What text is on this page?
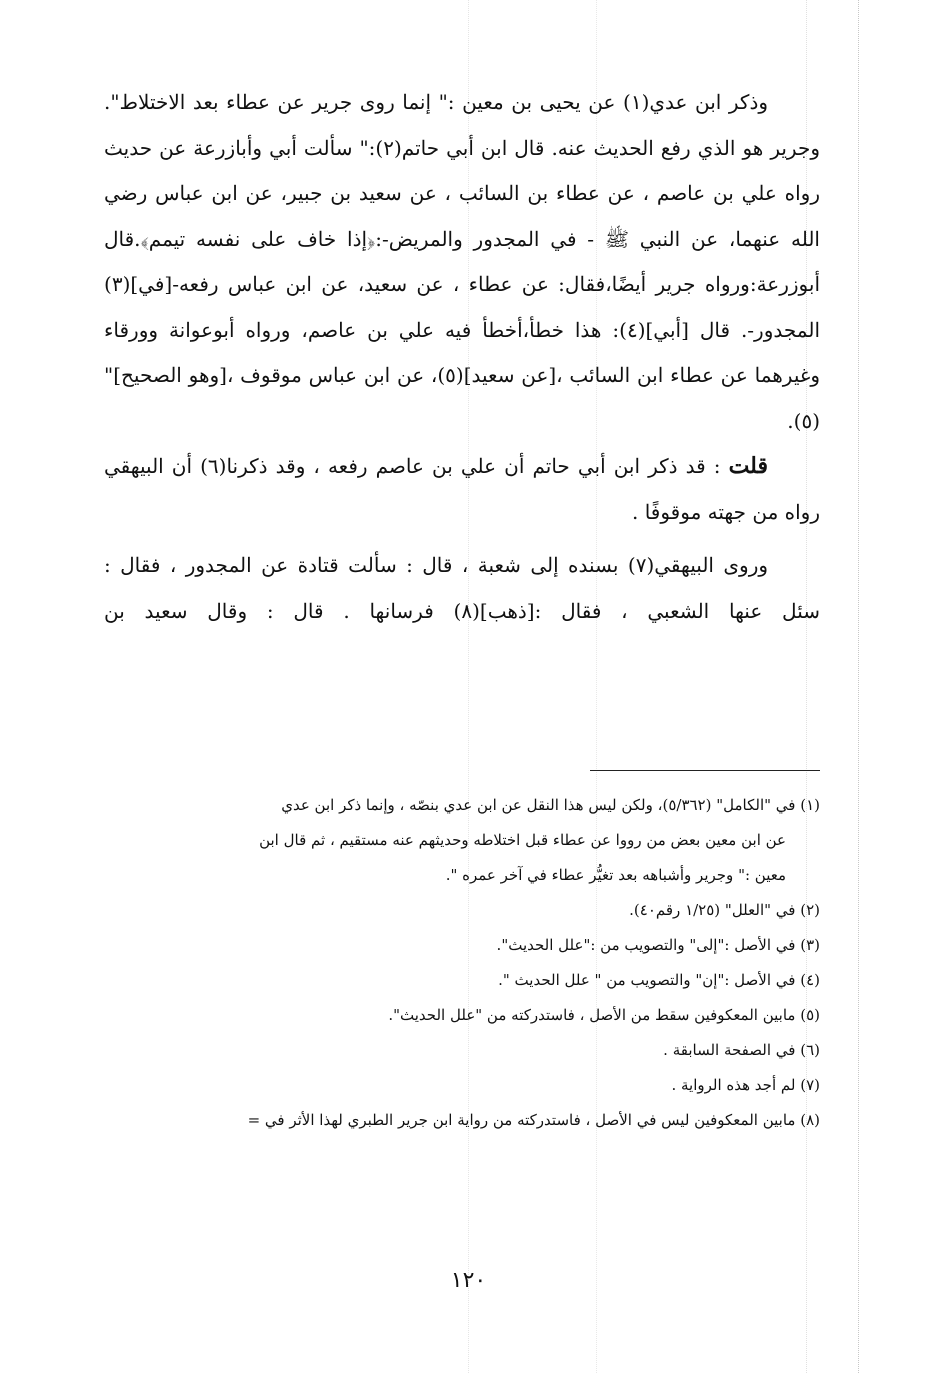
وذكر ابن عدي(١) عن يحيى بن معين :" إنما روى جرير عن عطاء بعد الاختلاط". وجرير هو الذي رفع الحديث عنه. قال ابن أبي حاتم(٢):" سألت أبي وأبازرعة عن حديث رواه علي بن عاصم ، عن عطاء بن السائب ، عن سعيد بن جبير، عن ابن عباس رضي الله عنهما، عن النبي ﷺ - في المجدور والمريض-:﴿إذا خاف على نفسه تيمم﴾.قال أبوزرعة:ورواه جرير أيضًا،فقال: عن عطاء ، عن سعيد، عن ابن عباس رفعه-[في](٣) المجدور-. قال [أبي](٤): هذا خطأ،أخطأ فيه علي بن عاصم، ورواه أبوعوانة وورقاء وغيرهما عن عطاء ابن السائب ،[عن سعيد](٥)، عن ابن عباس موقوف ،[وهو الصحيح]"(٥).

قلت : قد ذكر ابن أبي حاتم أن علي بن عاصم رفعه ، وقد ذكرنا(٦) أن البيهقي رواه من جهته موقوفًا .

وروى البيهقي(٧) بسنده إلى شعبة ، قال : سألت قتادة عن المجدور ، فقال : سئل عنها الشعبي ، فقال :[ذهب](٨) فرسانها . قال : وقال سعيد بن

(١) في "الكامل" (٥/٣٦٢)، ولكن ليس هذا النقل عن ابن عدي بنصّه ، وإنما ذكر ابن عدي

عن ابن معين بعض من رووا عن عطاء قبل اختلاطه وحديثهم عنه مستقيم ، ثم قال ابن

معين :" وجرير وأشباهه بعد تغيُّر عطاء في آخر عمره ".

(٢) في "العلل" (١/٢٥ رقم٤٠).

(٣) في الأصل :"إلى" والتصويب من :"علل الحديث".

(٤) في الأصل :"إن" والتصويب من " علل الحديث ".

(٥) مابين المعكوفين سقط من الأصل ، فاستدركته من "علل الحديث".

(٦) في الصفحة السابقة .

(٧) لم أجد هذه الرواية .

(٨) مابين المعكوفين ليس في الأصل ، فاستدركته من رواية ابن جرير الطبري لهذا الأثر في =

١٢٠
